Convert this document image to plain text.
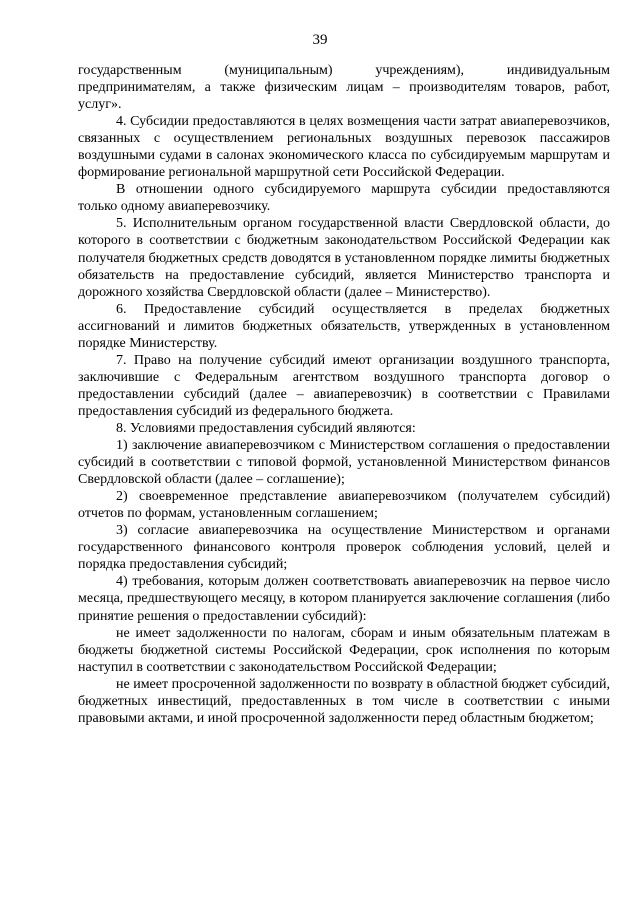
39

государственным (муниципальным) учреждениям), индивидуальным предпринимателям, а также физическим лицам – производителям товаров, работ, услуг».

4. Субсидии предоставляются в целях возмещения части затрат авиаперевозчиков, связанных с осуществлением региональных воздушных перевозок пассажиров воздушными судами в салонах экономического класса по субсидируемым маршрутам и формирование региональной маршрутной сети Российской Федерации.

В отношении одного субсидируемого маршрута субсидии предоставляются только одному авиаперевозчику.

5. Исполнительным органом государственной власти Свердловской области, до которого в соответствии с бюджетным законодательством Российской Федерации как получателя бюджетных средств доводятся в установленном порядке лимиты бюджетных обязательств на предоставление субсидий, является Министерство транспорта и дорожного хозяйства Свердловской области (далее – Министерство).

6. Предоставление субсидий осуществляется в пределах бюджетных ассигнований и лимитов бюджетных обязательств, утвержденных в установленном порядке Министерству.

7. Право на получение субсидий имеют организации воздушного транспорта, заключившие с Федеральным агентством воздушного транспорта договор о предоставлении субсидий (далее – авиаперевозчик) в соответствии с Правилами предоставления субсидий из федерального бюджета.

8. Условиями предоставления субсидий являются:

1) заключение авиаперевозчиком с Министерством соглашения о предоставлении субсидий в соответствии с типовой формой, установленной Министерством финансов Свердловской области (далее – соглашение);

2) своевременное представление авиаперевозчиком (получателем субсидий) отчетов по формам, установленным соглашением;

3) согласие авиаперевозчика на осуществление Министерством и органами государственного финансового контроля проверок соблюдения условий, целей и порядка предоставления субсидий;

4) требования, которым должен соответствовать авиаперевозчик на первое число месяца, предшествующего месяцу, в котором планируется заключение соглашения (либо принятие решения о предоставлении субсидий):

не имеет задолженности по налогам, сборам и иным обязательным платежам в бюджеты бюджетной системы Российской Федерации, срок исполнения по которым наступил в соответствии с законодательством Российской Федерации;

не имеет просроченной задолженности по возврату в областной бюджет субсидий, бюджетных инвестиций, предоставленных в том числе в соответствии с иными правовыми актами, и иной просроченной задолженности перед областным бюджетом;
